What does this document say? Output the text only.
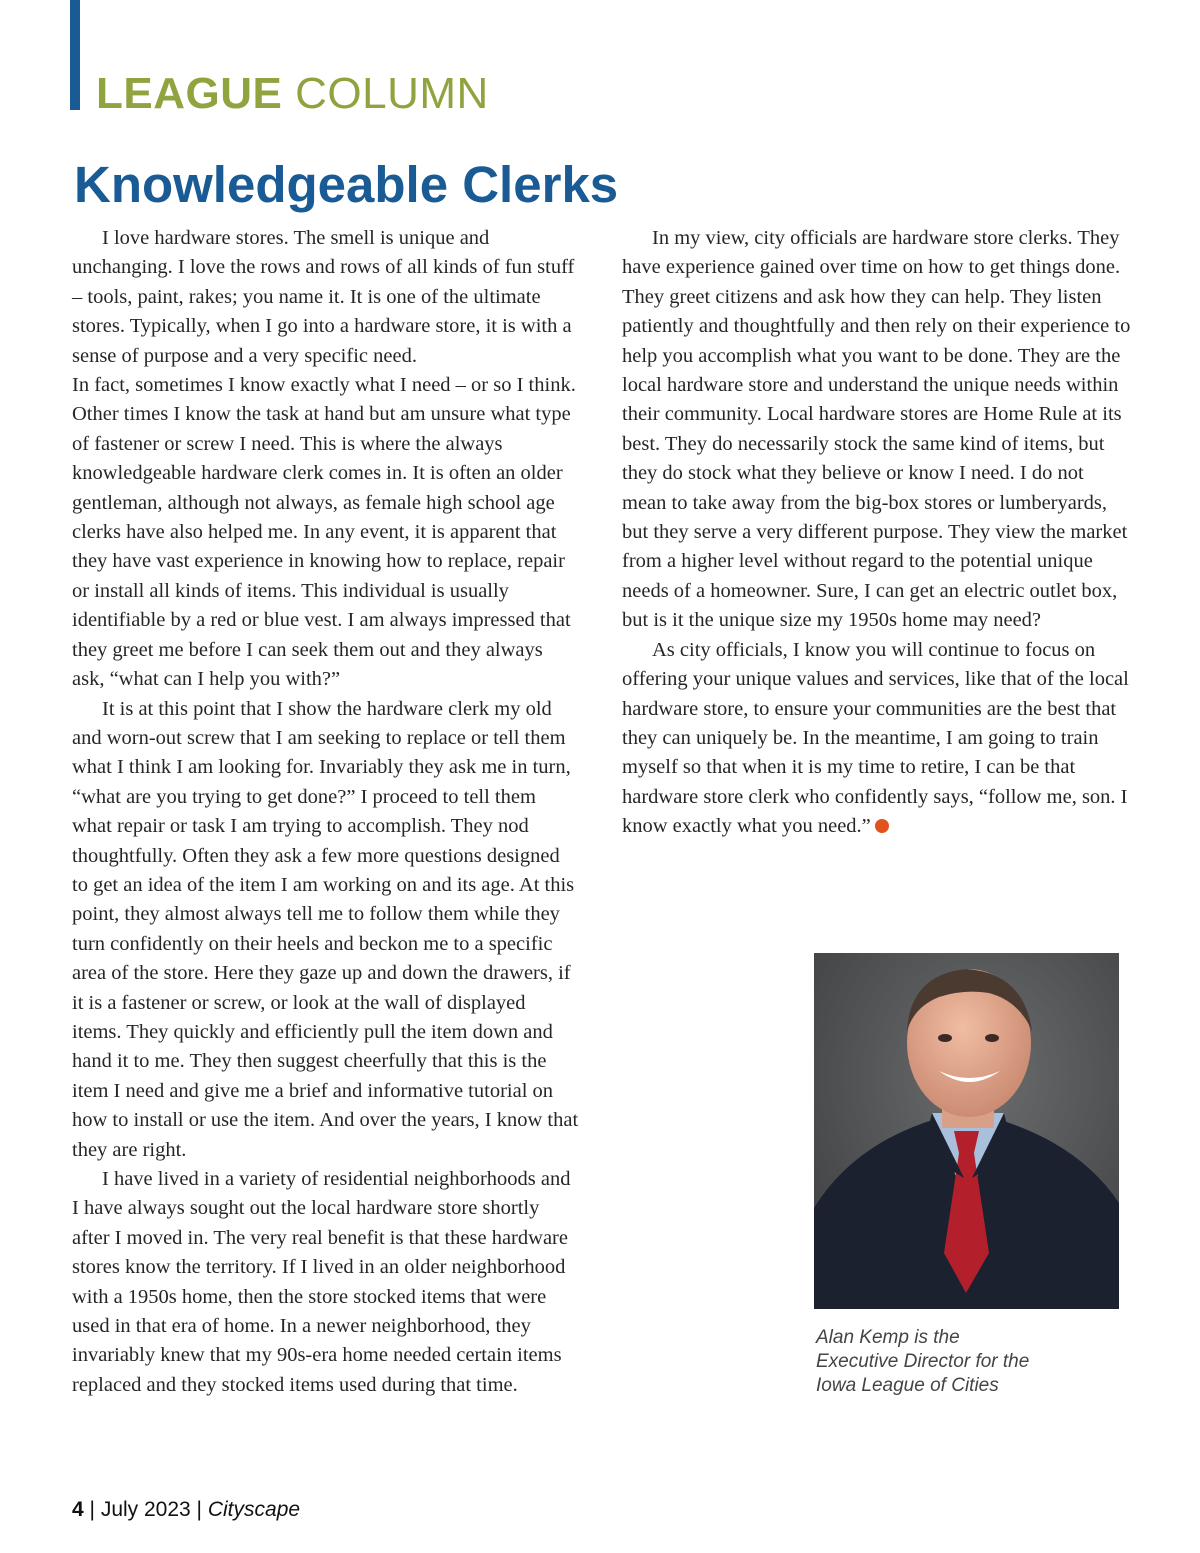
LEAGUE COLUMN
Knowledgeable Clerks

I love hardware stores. The smell is unique and unchanging. I love the rows and rows of all kinds of fun stuff – tools, paint, rakes; you name it. It is one of the ultimate stores. Typically, when I go into a hardware store, it is with a sense of purpose and a very specific need.

In fact, sometimes I know exactly what I need – or so I think. Other times I know the task at hand but am unsure what type of fastener or screw I need. This is where the always knowledgeable hardware clerk comes in. It is often an older gentleman, although not always, as female high school age clerks have also helped me. In any event, it is apparent that they have vast experience in knowing how to replace, repair or install all kinds of items. This individual is usually identifiable by a red or blue vest. I am always impressed that they greet me before I can seek them out and they always ask, “what can I help you with?”

It is at this point that I show the hardware clerk my old and worn-out screw that I am seeking to replace or tell them what I think I am looking for. Invariably they ask me in turn, “what are you trying to get done?” I proceed to tell them what repair or task I am trying to accomplish. They nod thoughtfully. Often they ask a few more questions designed to get an idea of the item I am working on and its age. At this point, they almost always tell me to follow them while they turn confidently on their heels and beckon me to a specific area of the store. Here they gaze up and down the drawers, if it is a fastener or screw, or look at the wall of displayed items. They quickly and efficiently pull the item down and hand it to me. They then suggest cheerfully that this is the item I need and give me a brief and informative tutorial on how to install or use the item. And over the years, I know that they are right.

I have lived in a variety of residential neighborhoods and I have always sought out the local hardware store shortly after I moved in. The very real benefit is that these hardware stores know the territory. If I lived in an older neighborhood with a 1950s home, then the store stocked items that were used in that era of home. In a newer neighborhood, they invariably knew that my 90s-era home needed certain items replaced and they stocked items used during that time.

In my view, city officials are hardware store clerks. They have experience gained over time on how to get things done. They greet citizens and ask how they can help. They listen patiently and thoughtfully and then rely on their experience to help you accomplish what you want to be done. They are the local hardware store and understand the unique needs within their community. Local hardware stores are Home Rule at its best. They do necessarily stock the same kind of items, but they do stock what they believe or know I need. I do not mean to take away from the big-box stores or lumberyards, but they serve a very different purpose. They view the market from a higher level without regard to the potential unique needs of a homeowner. Sure, I can get an electric outlet box, but is it the unique size my 1950s home may need?

As city officials, I know you will continue to focus on offering your unique values and services, like that of the local hardware store, to ensure your communities are the best that they can uniquely be. In the meantime, I am going to train myself so that when it is my time to retire, I can be that hardware store clerk who confidently says, “follow me, son. I know exactly what you need.”

Alan Kemp is the
Executive Director for the
Iowa League of Cities
4 | July 2023 | Cityscape
